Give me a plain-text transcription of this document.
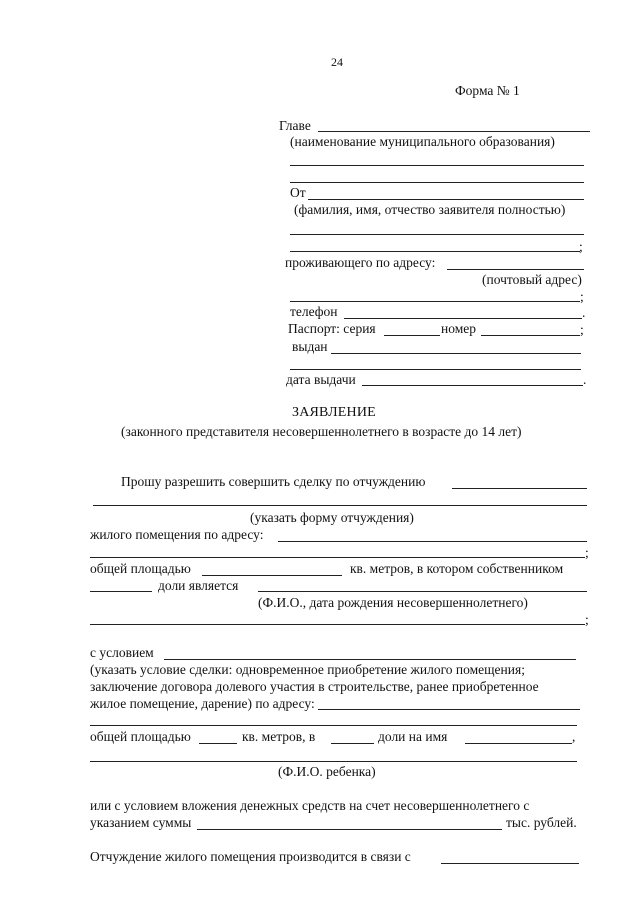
24
Форма № 1
Главе
(наименование муниципального образования)
От
(фамилия, имя, отчество заявителя полностью)
;
проживающего по адресу:
(почтовый адрес)
;
телефон	.
Паспорт: серия	номер	;
выдан
дата выдачи	.
ЗАЯВЛЕНИЕ
(законного представителя несовершеннолетнего в возрасте до 14 лет)
Прошу разрешить совершить сделку по отчуждению
(указать форму отчуждения)
жилого помещения по адресу:
;
общей площадью	кв. метров, в котором собственником
доли является
(Ф.И.О., дата рождения несовершеннолетнего)
;
с условием
(указать условие сделки: одновременное приобретение жилого помещения;
заключение договора долевого участия в строительстве, ранее приобретенное
жилое помещение, дарение) по адресу:
общей площадью	кв. метров, в	доли на имя	,
(Ф.И.О. ребенка)
или с условием вложения денежных средств на счет несовершеннолетнего с
указанием суммы	тыс. рублей.
Отчуждение жилого помещения производится в связи с
